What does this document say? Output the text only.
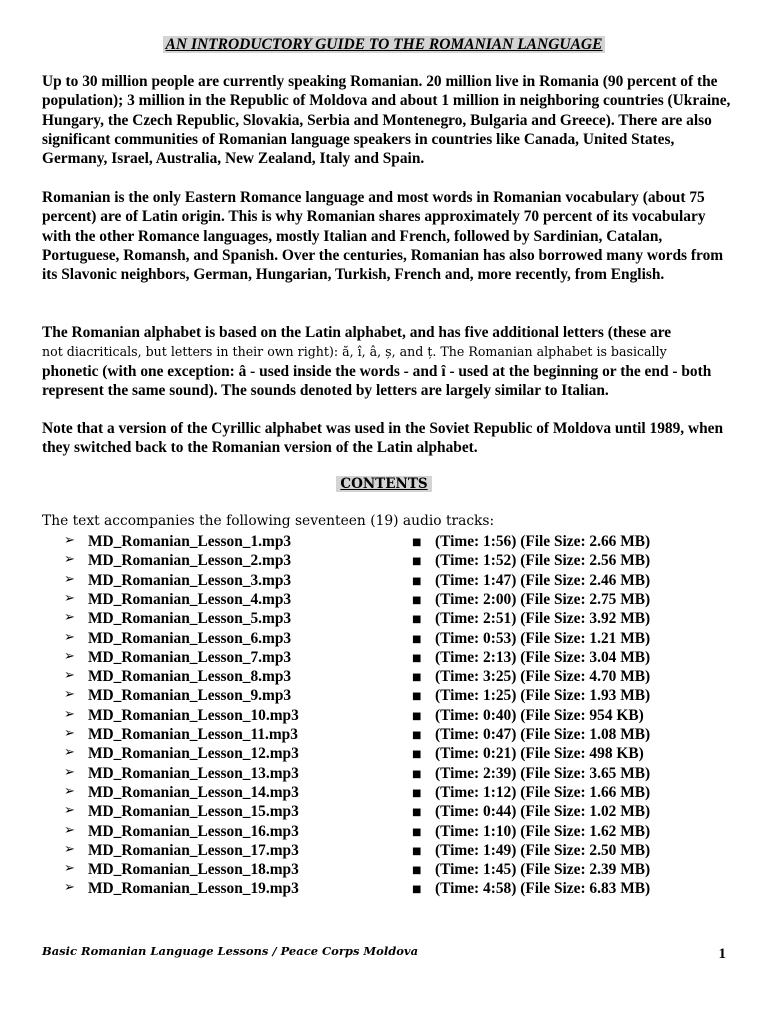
AN INTRODUCTORY GUIDE TO THE ROMANIAN LANGUAGE

Up to 30 million people are currently speaking Romanian. 20 million live in Romania (90 percent of the population); 3 million in the Republic of Moldova and about 1 million in neighboring countries (Ukraine, Hungary, the Czech Republic, Slovakia, Serbia and Montenegro, Bulgaria and Greece). There are also significant communities of Romanian language speakers in countries like Canada, United States, Germany, Israel, Australia, New Zealand, Italy and Spain.

Romanian is the only Eastern Romance language and most words in Romanian vocabulary (about 75 percent) are of Latin origin. This is why Romanian shares approximately 70 percent of its vocabulary with the other Romance languages, mostly Italian and French, followed by Sardinian, Catalan, Portuguese, Romansh, and Spanish. Over the centuries, Romanian has also borrowed many words from its Slavonic neighbors, German, Hungarian, Turkish, French and, more recently, from English.

The Romanian alphabet is based on the Latin alphabet, and has five additional letters (these are
not diacriticals, but letters in their own right): ă, î, â, ș, and ț. The Romanian alphabet is basically
phonetic (with one exception: â - used inside the words - and î - used at the beginning or the end - both represent the same sound). The sounds denoted by letters are largely similar to Italian.

Note that a version of the Cyrillic alphabet was used in the Soviet Republic of Moldova until 1989, when they switched back to the Romanian version of the Latin alphabet.

CONTENTS
The text accompanies the following seventeen (19) audio tracks:
➢ MD_Romanian_Lesson_1.mp3	■ (Time: 1:56) (File Size: 2.66 MB)
➢ MD_Romanian_Lesson_2.mp3	■ (Time: 1:52) (File Size: 2.56 MB)
➢ MD_Romanian_Lesson_3.mp3	■ (Time: 1:47) (File Size: 2.46 MB)
➢ MD_Romanian_Lesson_4.mp3	■ (Time: 2:00) (File Size: 2.75 MB)
➢ MD_Romanian_Lesson_5.mp3	■ (Time: 2:51) (File Size: 3.92 MB)
➢ MD_Romanian_Lesson_6.mp3	■ (Time: 0:53) (File Size: 1.21 MB)
➢ MD_Romanian_Lesson_7.mp3	■ (Time: 2:13) (File Size: 3.04 MB)
➢ MD_Romanian_Lesson_8.mp3	■ (Time: 3:25) (File Size: 4.70 MB)
➢ MD_Romanian_Lesson_9.mp3	■ (Time: 1:25) (File Size: 1.93 MB)
➢ MD_Romanian_Lesson_10.mp3	■ (Time: 0:40) (File Size: 954 KB)
➢ MD_Romanian_Lesson_11.mp3	■ (Time: 0:47) (File Size: 1.08 MB)
➢ MD_Romanian_Lesson_12.mp3	■ (Time: 0:21) (File Size: 498 KB)
➢ MD_Romanian_Lesson_13.mp3	■ (Time: 2:39) (File Size: 3.65 MB)
➢ MD_Romanian_Lesson_14.mp3	■ (Time: 1:12) (File Size: 1.66 MB)
➢ MD_Romanian_Lesson_15.mp3	■ (Time: 0:44) (File Size: 1.02 MB)
➢ MD_Romanian_Lesson_16.mp3	■ (Time: 1:10) (File Size: 1.62 MB)
➢ MD_Romanian_Lesson_17.mp3	■ (Time: 1:49) (File Size: 2.50 MB)
➢ MD_Romanian_Lesson_18.mp3	■ (Time: 1:45) (File Size: 2.39 MB)
➢ MD_Romanian_Lesson_19.mp3	■ (Time: 4:58) (File Size: 6.83 MB)
Basic Romanian Language Lessons / Peace Corps Moldova	1
